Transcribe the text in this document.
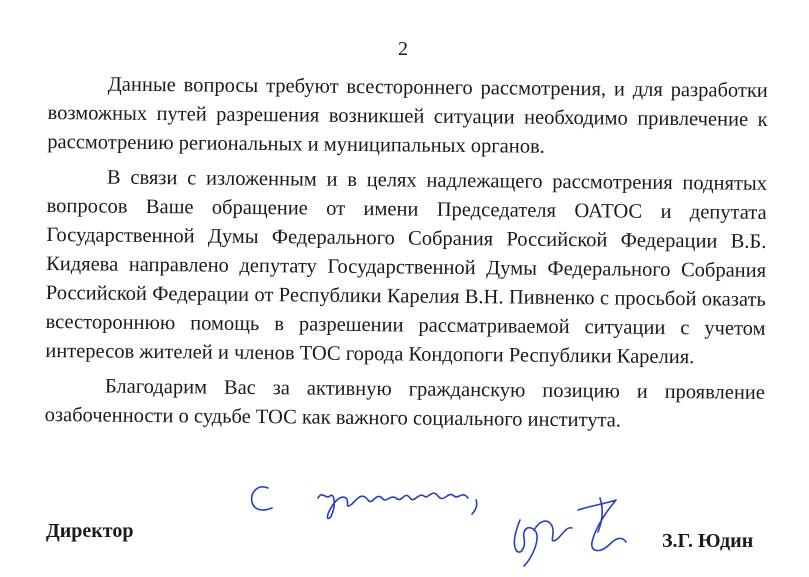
2

Данные вопросы требуют всестороннего рассмотрения, и для разработки возможных путей разрешения возникшей ситуации необходимо привлечение к рассмотрению региональных и муниципальных органов.

В связи с изложенным и в целях надлежащего рассмотрения поднятых вопросов Ваше обращение от имени Председателя ОАТОС и депутата Государственной Думы Федерального Собрания Российской Федерации В.Б. Кидяева направлено депутату Государственной Думы Федерального Собрания Российской Федерации от Республики Карелия В.Н. Пивненко с просьбой оказать всестороннюю помощь в разрешении рассматриваемой ситуации с учетом интересов жителей и членов ТОС города Кондопоги Республики Карелия.

Благодарим Вас за активную гражданскую позицию и проявление озабоченности о судьбе ТОС как важного социального института.

Директор
С уважением,
З.Г. Юдин
